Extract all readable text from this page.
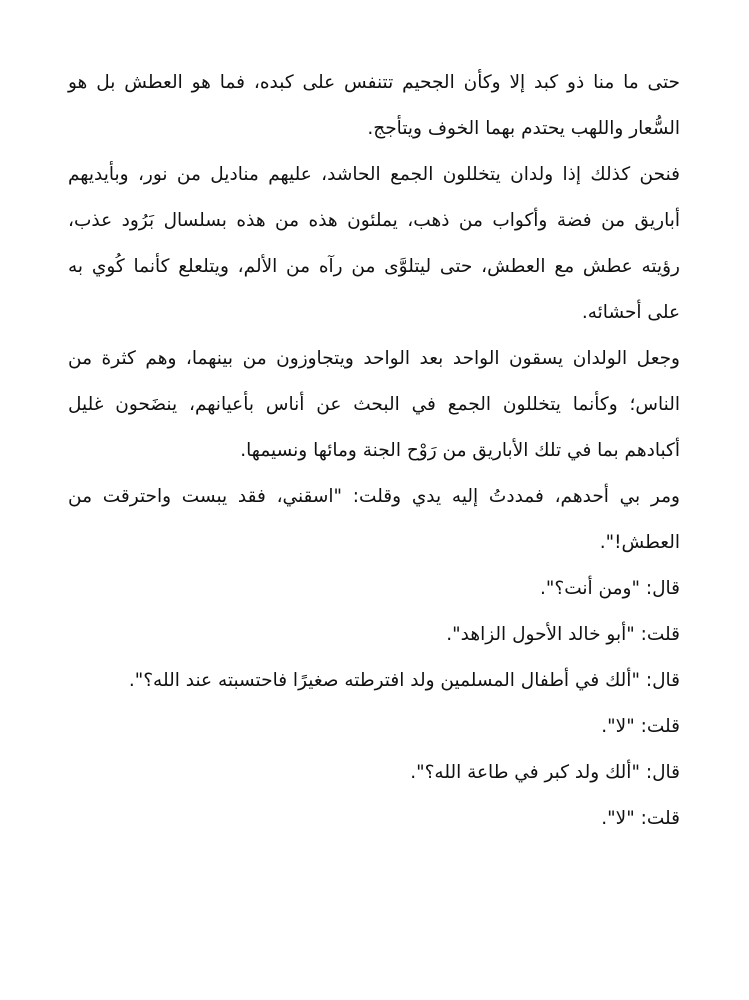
حتى ما منا ذو كبد إلا وكأن الجحيم تتنفس على كبده، فما هو العطش بل هو السُّعار واللهب يحتدم بهما الخوف ويتأجج.

فنحن كذلك إذا ولدان يتخللون الجمع الحاشد، عليهم مناديل من نور، وبأيديهم أباريق من فضة وأكواب من ذهب، يملئون هذه من هذه بسلسال بَرُود عذب، رؤيته عطش مع العطش، حتى ليتلوَّى من رآه من الألم، ويتلعلع كأنما كُوي به على أحشائه.

وجعل الولدان يسقون الواحد بعد الواحد ويتجاوزون من بينهما، وهم كثرة من الناس؛ وكأنما يتخللون الجمع في البحث عن أناس بأعيانهم، ينضَحون غليل أكبادهم بما في تلك الأباريق من رَوْح الجنة ومائها ونسيمها.

ومر بي أحدهم، فمددتُ إليه يدي وقلت: "اسقني، فقد يبست واحترقت من العطش!".

قال: "ومن أنت؟".

قلت: "أبو خالد الأحول الزاهد".

قال: "ألك في أطفال المسلمين ولد افترطته صغيرًا فاحتسبته عند الله؟".

قلت: "لا".

قال: "ألك ولد كبر في طاعة الله؟".

قلت: "لا".
